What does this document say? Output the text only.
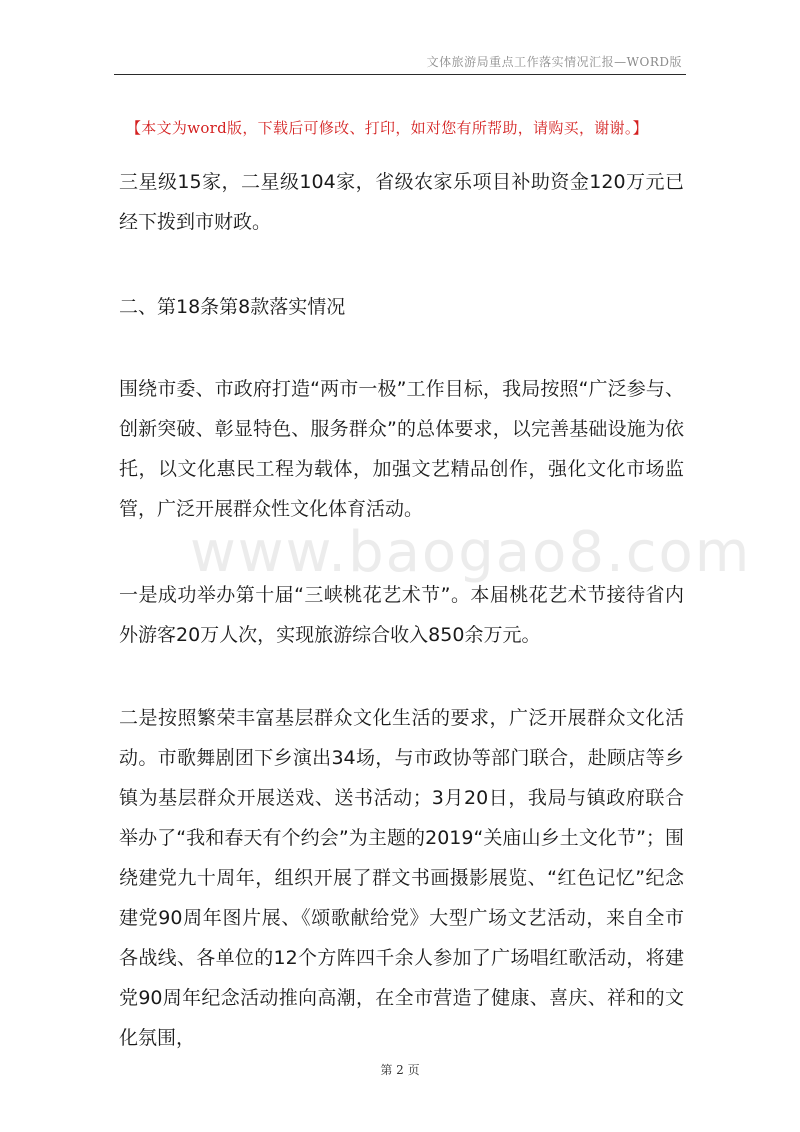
文体旅游局重点工作落实情况汇报—WORD版
【本文为word版，下载后可修改、打印，如对您有所帮助，请购买，谢谢。】
www.baogao8.com

三星级15家，二星级104家，省级农家乐项目补助资金120万元已经下拨到市财政。

二、第18条第8款落实情况

围绕市委、市政府打造“两市一极”工作目标，我局按照“广泛参与、创新突破、彰显特色、服务群众”的总体要求，以完善基础设施为依托，以文化惠民工程为载体，加强文艺精品创作，强化文化市场监管，广泛开展群众性文化体育活动。

一是成功举办第十届“三峡桃花艺术节”。本届桃花艺术节接待省内外游客20万人次，实现旅游综合收入850余万元。

二是按照繁荣丰富基层群众文化生活的要求，广泛开展群众文化活动。市歌舞剧团下乡演出34场，与市政协等部门联合，赴顾店等乡镇为基层群众开展送戏、送书活动；3月20日，我局与镇政府联合举办了“我和春天有个约会”为主题的2019“关庙山乡土文化节”；围绕建党九十周年，组织开展了群文书画摄影展览、“红色记忆”纪念建党90周年图片展、《颂歌献给党》大型广场文艺活动，来自全市各战线、各单位的12个方阵四千余人参加了广场唱红歌活动，将建党90周年纪念活动推向高潮，在全市营造了健康、喜庆、祥和的文化氛围，

第 2 页
